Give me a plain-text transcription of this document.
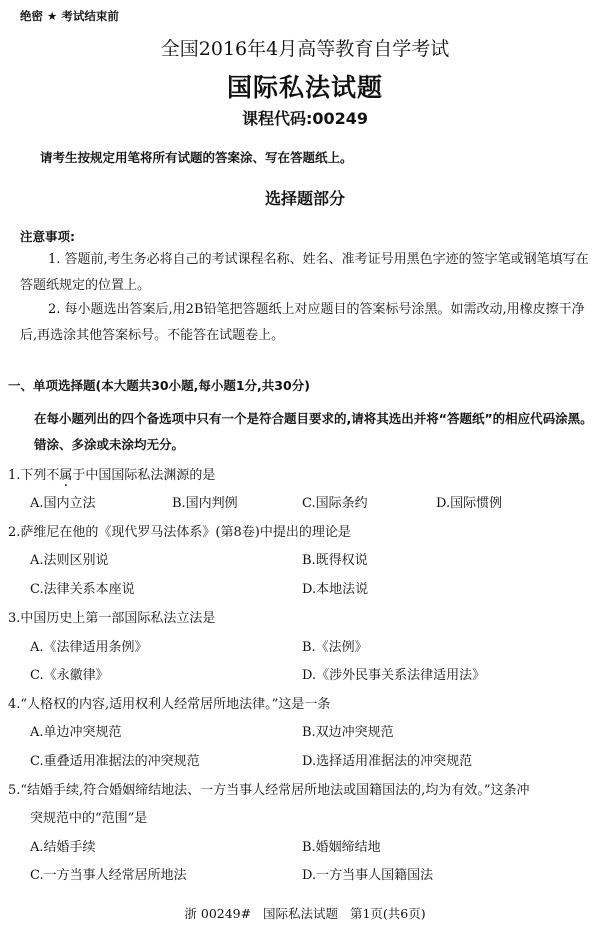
绝密 ★ 考试结束前
全国2016年4月高等教育自学考试
国际私法试题
课程代码:00249
请考生按规定用笔将所有试题的答案涂、写在答题纸上。
选择题部分
注意事项:
1. 答题前,考生务必将自己的考试课程名称、姓名、准考证号用黑色字迹的签字笔或钢笔填写在答题纸规定的位置上。
2. 每小题选出答案后,用2B铅笔把答题纸上对应题目的答案标号涂黑。如需改动,用橡皮擦干净后,再选涂其他答案标号。不能答在试题卷上。
一、单项选择题(本大题共30小题,每小题1分,共30分)
在每小题列出的四个备选项中只有一个是符合题目要求的,请将其选出并将“答题纸”的相应代码涂黑。错涂、多涂或未涂均无分。
1.下列不属于中国国际私法渊源的是
A.国内立法	B.国内判例	C.国际条约	D.国际惯例
2.萨维尼在他的《现代罗马法体系》(第8卷)中提出的理论是
A.法则区别说	B.既得权说
C.法律关系本座说	D.本地法说
3.中国历史上第一部国际私法立法是
A.《法律适用条例》	B.《法例》
C.《永徽律》	D.《涉外民事关系法律适用法》
4.“人格权的内容,适用权利人经常居所地法律。”这是一条
A.单边冲突规范	B.双边冲突规范
C.重叠适用准据法的冲突规范	D.选择适用准据法的冲突规范
5.“结婚手续,符合婚姻缔结地法、一方当事人经常居所地法或国籍国法的,均为有效。”这条冲
突规范中的“范围”是
A.结婚手续	B.婚姻缔结地
C.一方当事人经常居所地法	D.一方当事人国籍国法
浙 00249#   国际私法试题   第1页(共6页)
